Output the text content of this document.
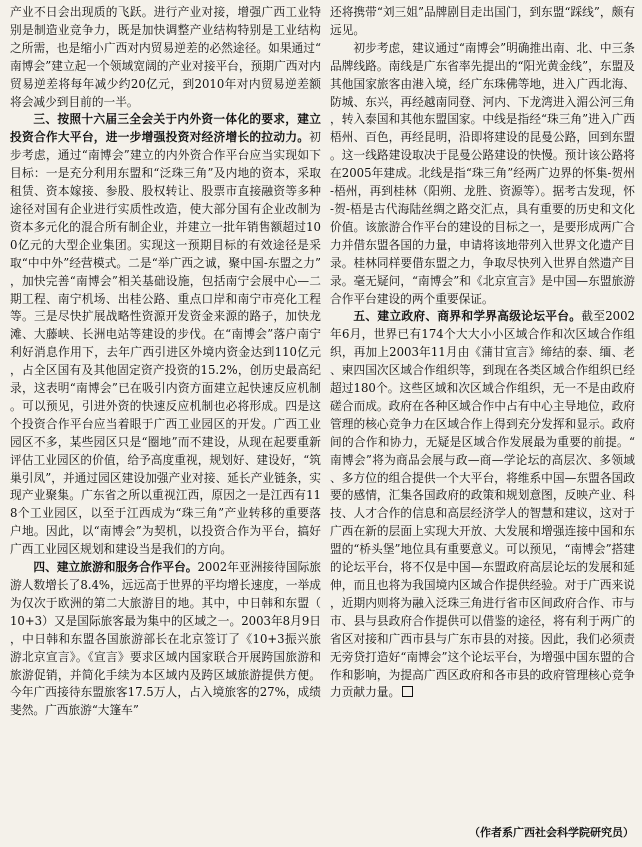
产业不日会出现质的飞跃。进行产业对接，增强广西工业特别是制造业竞争力，既是加快调整产业结构特别是工业结构之所需，也是缩小广西对内贸易逆差的必然途径。如果通过“南博会”建立起一个领域宽阔的产业对接平台，预期广西对内贸易逆差将每年减少约20亿元，到2010年对内贸易逆差额将会减少到目前的一半。

三、按照十六届三全会关于内外资一体化的要求，建立投资合作大平台，进一步增强投资对经济增长的拉动力。初步考虑，通过“南博会”建立的内外资合作平台应当实现如下目标：一是充分利用东盟和“泛珠三角”及内地的资本，采取租赁、资本嫁接、参股、股权转让、股票市直接融资等多种途径对国有企业进行实质性改造，使大部分国有企业改制为资本多元化的混合所有制企业，并建立一批年销售额超过100亿元的大型企业集团。实现这一预期目标的有效途径是采取“中中外”经营模式。二是“举广西之诚，聚中国-东盟之力”，加快完善“南博会”相关基础设施，包括南宁会展中心—二期工程、南宁机场、出桂公路、重点口岸和南宁市亮化工程等。三是尽快扩展战略性资源开发资金来源的路子，加快龙滩、大藤峡、长洲电站等建设的步伐。在“南博会”落户南宁利好消息作用下，去年广西引进区外境内资金达到110亿元，占全区国有及其他固定资产投资的15.2%，创历史最高纪录，这表明“南博会”已在吸引内资方面建立起快速反应机制。可以预见，引进外资的快速反应机制也必将形成。四是这个投资合作平台应当着眼于广西工业园区的开发。广西工业园区不多，某些园区只是“圈地”而不建设，从现在起要重新评估工业园区的价值，给予高度重视，规划好、建设好，“筑巢引凤”，并通过园区建设加强产业对接、延长产业链条，实现产业聚集。广东省之所以重视江西，原因之一是江西有118个工业园区，以至于江西成为“珠三角”产业转移的重要落户地。因此，以“南博会”为契机，以投资合作为平台，搞好广西工业园区规划和建设当是我们的方向。

四、建立旅游和服务合作平台。2002年亚洲接待国际旅游人数增长了8.4%，远远高于世界的平均增长速度，一举成为仅次于欧洲的第二大旅游目的地。其中，中日韩和东盟（10+3）又是国际旅客最为集中的区域之一。2003年8月9日，中日韩和东盟各国旅游部长在北京签订了《10+3振兴旅游北京宣言》。《宣言》要求区域内国家联合开展跨国旅游和旅游促销，并简化手续为本区域内及跨区域旅游提供方便。今年广西接待东盟旅客17.5万人，占入境旅客的27%，成绩斐然。广西旅游“大篷车”

还将携带“刘三姐”品牌剧目走出国门，到东盟“踩线”，颇有远见。

初步考虑，建议通过“南博会”明确推出南、北、中三条品牌线路。南线是广东省率先提出的“阳光黄金线”，东盟及其他国家旅客由港入境，经广东珠佛等地，进入广西北海、防城、东兴，再经越南同登、河内、下龙湾进入湄公河三角，转入泰国和其他东盟国家。中线是指经“珠三角”进入广西梧州、百色，再经昆明，沿即将建设的昆曼公路，回到东盟。这一线路建设取决于昆曼公路建设的快慢。预计该公路将在2005年建成。北线是指“珠三角”经两广边界的怀集-贺州-梧州，再到桂林（阳朔、龙胜、资源等）。据考古发现，怀-贺-梧是古代海陆丝绸之路交汇点，具有重要的历史和文化价值。该旅游合作平台的建设的目标之一，是要形成两广合力并借东盟各国的力量，申请将该地带列入世界文化遗产目录。桂林同样要借东盟之力，争取尽快列入世界自然遗产目录。毫无疑问，“南博会”和《北京宣言》是中国—东盟旅游合作平台建设的两个重要保证。

五、建立政府、商界和学界高级论坛平台。截至2002年6月，世界已有174个大大小小区域合作和次区域合作组织，再加上2003年11月由《蒲甘宣言》缔结的泰、缅、老、柬四国次区域合作组织等，到现在各类区域合作组织已经超过180个。这些区域和次区域合作组织，无一不是由政府磋合而成。政府在各种区域合作中占有中心主导地位，政府管理的核心竞争力在区域合作上得到充分发挥和显示。政府间的合作和协力，无疑是区域合作发展最为重要的前提。“南博会”将为商品会展与政—商—学论坛的高层次、多领域、多方位的组合提供一个大平台，将维系中国—东盟各国政要的感情，汇集各国政府的政策和规划意图，反映产业、科技、人才合作的信息和高层经济学人的智慧和建议，这对于广西在新的层面上实现大开放、大发展和增强连接中国和东盟的“桥头堡”地位具有重要意义。可以预见，“南博会”搭建的论坛平台，将不仅是中国—东盟政府高层论坛的发展和延伸，而且也将为我国境内区域合作提供经验。对于广西来说，近期内则将为融入泛珠三角进行省市区间政府合作、市与市、县与县政府合作提供可以借鉴的途径，将有利于两广的省区对接和广西市县与广东市县的对接。因此，我们必须责无旁贷打造好“南博会”这个论坛平台，为增强中国东盟的合作和影响，为提高广西区政府和各市县的政府管理核心竞争力贡献力量。

（作者系广西社会科学院研究员）
